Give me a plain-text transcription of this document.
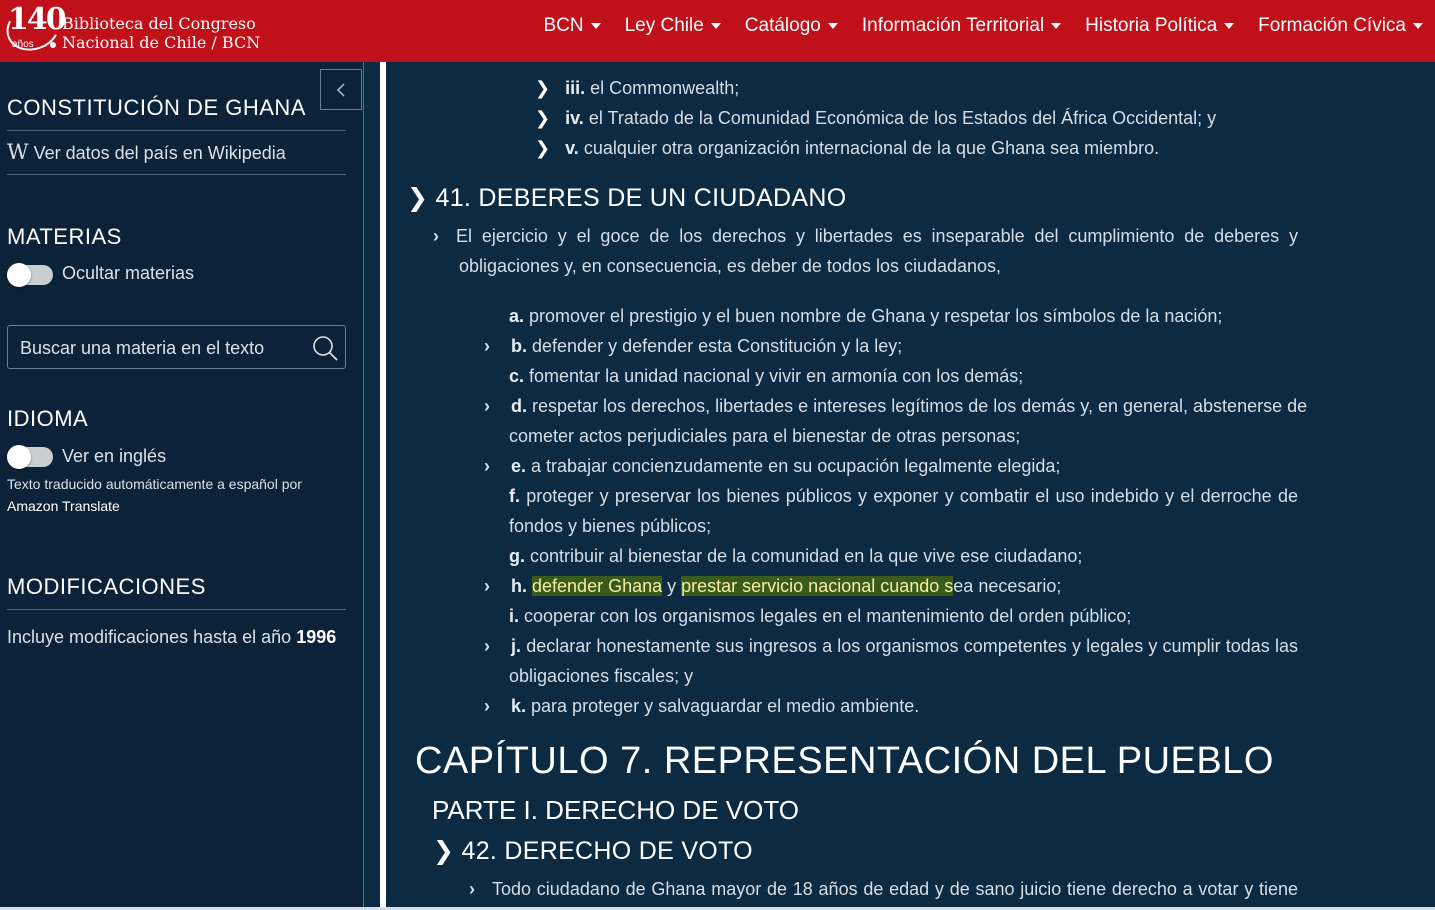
140
años
Biblioteca del Congreso
Nacional de Chile / BCN
BCN Ley Chile Catálogo Información Territorial Historia Política Formación Cívica
CONSTITUCIÓN DE GHANA
W Ver datos del país en Wikipedia
MATERIAS
Ocultar materias
Buscar una materia en el texto
IDIOMA
Ver en inglés
Texto traducido automáticamente a español por
Amazon Translate
MODIFICACIONES
Incluye modificaciones hasta el año 1996
❯ iii. el Commonwealth;
❯ iv. el Tratado de la Comunidad Económica de los Estados del África Occidental; y
❯ v. cualquier otra organización internacional de la que Ghana sea miembro.
❯ 41. DEBERES DE UN CIUDADANO
› El ejercicio y el goce de los derechos y libertades es inseparable del cumplimiento de deberes y
obligaciones y, en consecuencia, es deber de todos los ciudadanos,
a. promover el prestigio y el buen nombre de Ghana y respetar los símbolos de la nación;
› b. defender y defender esta Constitución y la ley;
c. fomentar la unidad nacional y vivir en armonía con los demás;
› d. respetar los derechos, libertades e intereses legítimos de los demás y, en general, abstenerse de
cometer actos perjudiciales para el bienestar de otras personas;
› e. a trabajar concienzudamente en su ocupación legalmente elegida;
f. proteger y preservar los bienes públicos y exponer y combatir el uso indebido y el derroche de
fondos y bienes públicos;
g. contribuir al bienestar de la comunidad en la que vive ese ciudadano;
› h. defender Ghana y prestar servicio nacional cuando sea necesario;
i. cooperar con los organismos legales en el mantenimiento del orden público;
› j. declarar honestamente sus ingresos a los organismos competentes y legales y cumplir todas las
obligaciones fiscales; y
› k. para proteger y salvaguardar el medio ambiente.
CAPÍTULO 7. REPRESENTACIÓN DEL PUEBLO
PARTE I. DERECHO DE VOTO
❯ 42. DERECHO DE VOTO
› Todo ciudadano de Ghana mayor de 18 años de edad y de sano juicio tiene derecho a votar y tiene
